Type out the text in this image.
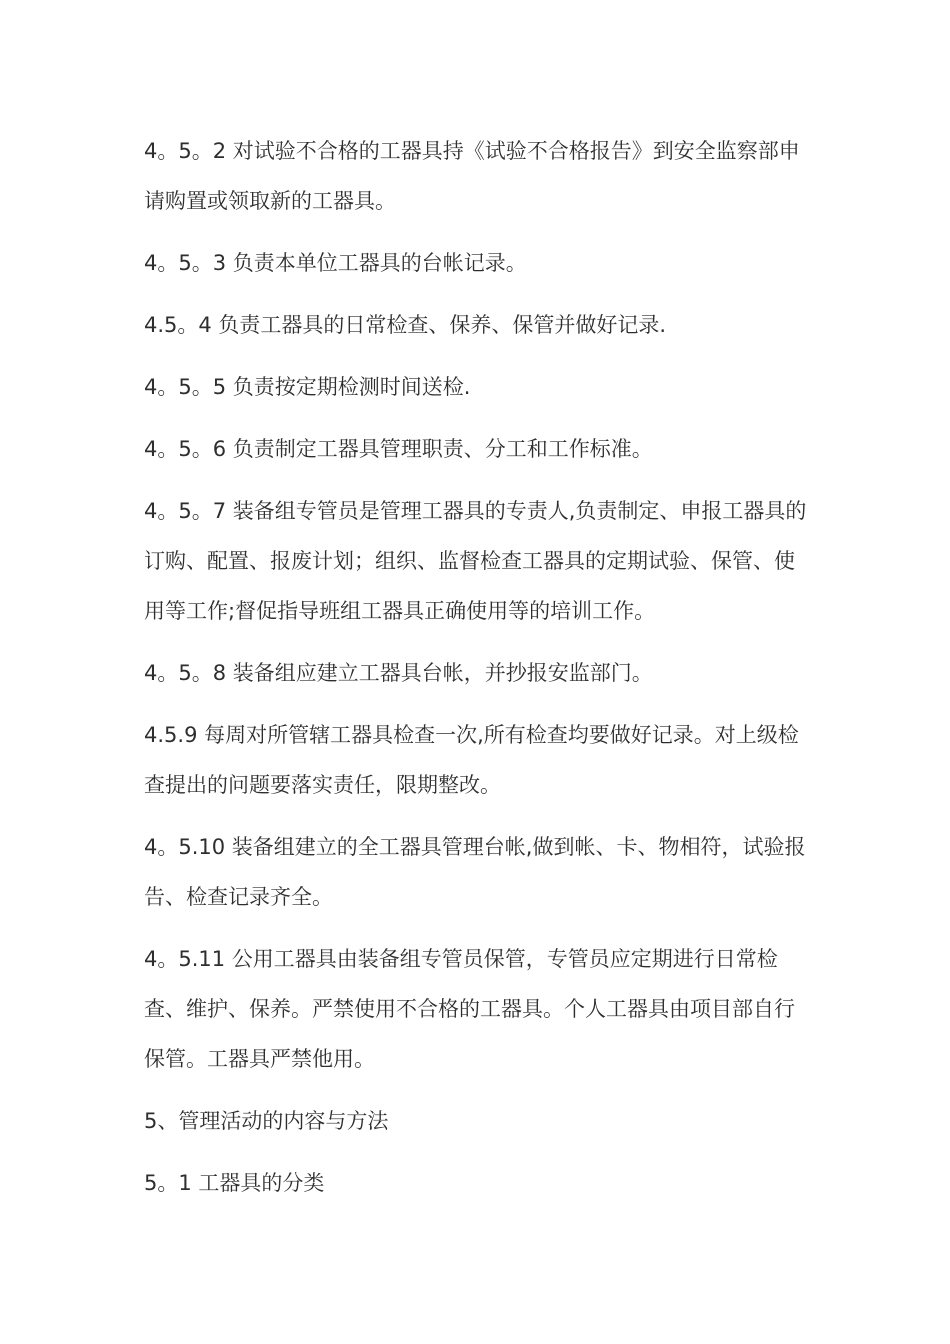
4。5。2 对试验不合格的工器具持《试验不合格报告》到安全监察部申请购置或领取新的工器具。

4。5。3 负责本单位工器具的台帐记录。

4.5。4 负责工器具的日常检查、保养、保管并做好记录.

4。5。5 负责按定期检测时间送检.

4。5。6 负责制定工器具管理职责、分工和工作标准。

4。5。7 装备组专管员是管理工器具的专责人,负责制定、申报工器具的订购、配置、报废计划；组织、监督检查工器具的定期试验、保管、使用等工作;督促指导班组工器具正确使用等的培训工作。

4。5。8 装备组应建立工器具台帐，并抄报安监部门。

4.5.9 每周对所管辖工器具检查一次,所有检查均要做好记录。对上级检查提出的问题要落实责任，限期整改。

4。5.10 装备组建立的全工器具管理台帐,做到帐、卡、物相符，试验报告、检查记录齐全。

4。5.11 公用工器具由装备组专管员保管，专管员应定期进行日常检查、维护、保养。严禁使用不合格的工器具。个人工器具由项目部自行保管。工器具严禁他用。

5、管理活动的内容与方法

5。1 工器具的分类
